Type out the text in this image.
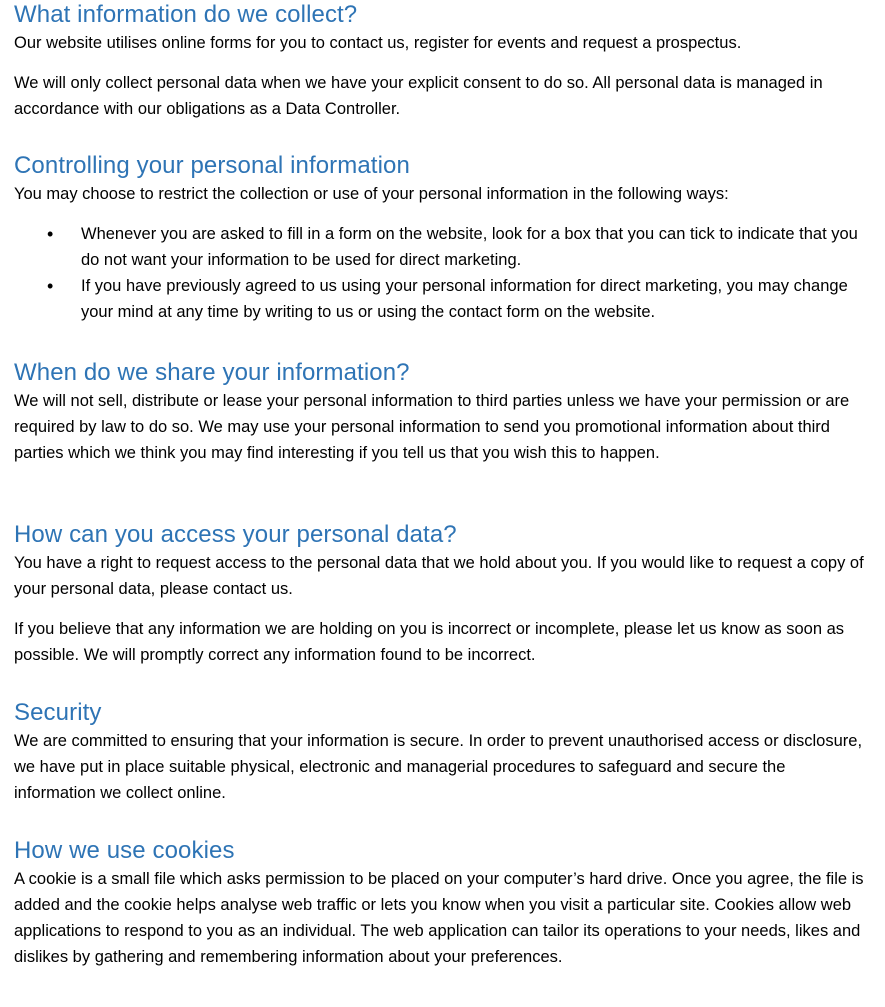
What information do we collect?

Our website utilises online forms for you to contact us, register for events and request a prospectus.

We will only collect personal data when we have your explicit consent to do so. All personal data is managed in accordance with our obligations as a Data Controller.

Controlling your personal information

You may choose to restrict the collection or use of your personal information in the following ways:

• Whenever you are asked to fill in a form on the website, look for a box that you can tick to indicate that you do not want your information to be used for direct marketing.
• If you have previously agreed to us using your personal information for direct marketing, you may change your mind at any time by writing to us or using the contact form on the website.
When do we share your information?

We will not sell, distribute or lease your personal information to third parties unless we have your permission or are required by law to do so. We may use your personal information to send you promotional information about third parties which we think you may find interesting if you tell us that you wish this to happen.

How can you access your personal data?

You have a right to request access to the personal data that we hold about you. If you would like to request a copy of your personal data, please contact us.

If you believe that any information we are holding on you is incorrect or incomplete, please let us know as soon as possible. We will promptly correct any information found to be incorrect.

Security

We are committed to ensuring that your information is secure. In order to prevent unauthorised access or disclosure, we have put in place suitable physical, electronic and managerial procedures to safeguard and secure the information we collect online.

How we use cookies

A cookie is a small file which asks permission to be placed on your computer’s hard drive. Once you agree, the file is added and the cookie helps analyse web traffic or lets you know when you visit a particular site. Cookies allow web applications to respond to you as an individual. The web application can tailor its operations to your needs, likes and dislikes by gathering and remembering information about your preferences.
